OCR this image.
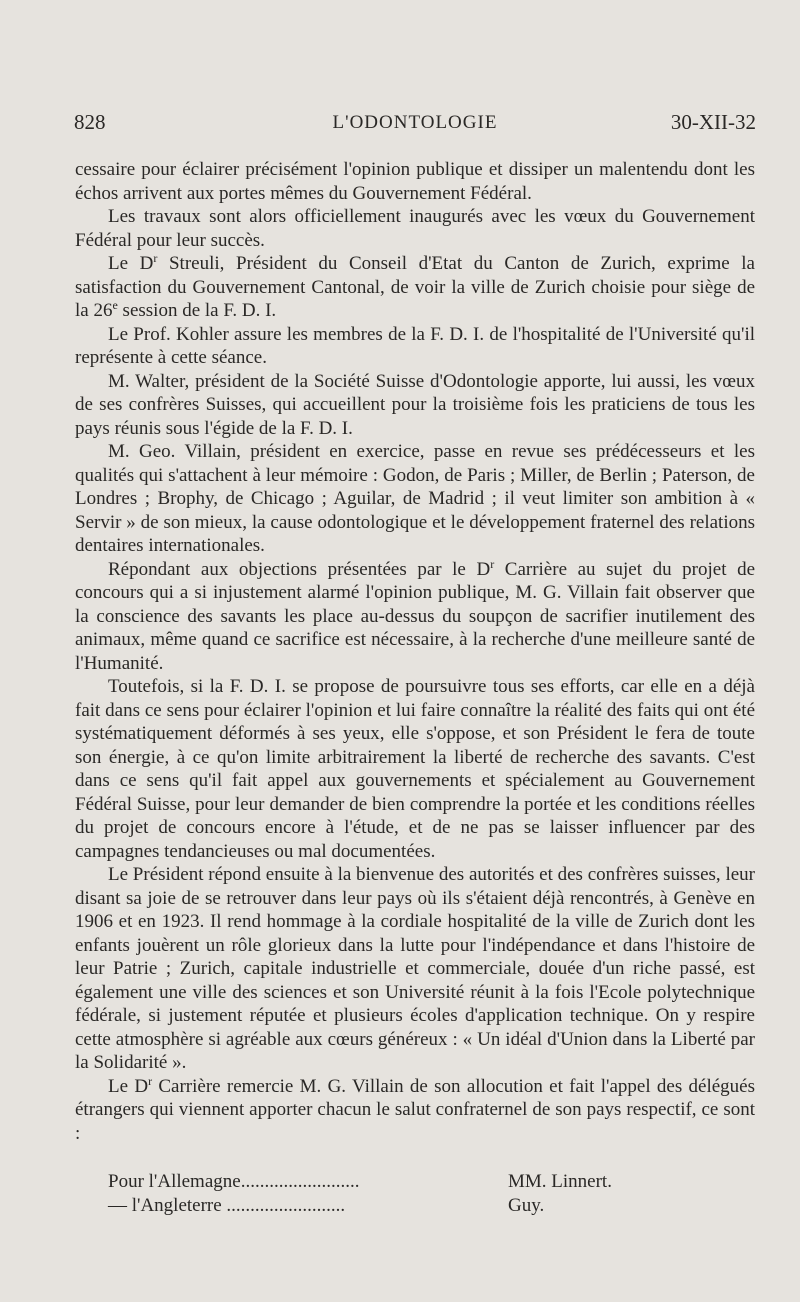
828	L'ODONTOLOGIE	30-XII-32

cessaire pour éclairer précisément l'opinion publique et dissiper un malentendu dont les échos arrivent aux portes mêmes du Gouvernement Fédéral.

Les travaux sont alors officiellement inaugurés avec les vœux du Gouvernement Fédéral pour leur succès.

Le $D^r$ Streuli, Président du Conseil d'Etat du Canton de Zurich, exprime la satisfaction du Gouvernement Cantonal, de voir la ville de Zurich choisie pour siège de la 26e session de la F. D. I.

Le Prof. Kohler assure les membres de la F. D. I. de l'hospitalité de l'Université qu'il représente à cette séance.

M. Walter, président de la Société Suisse d'Odontologie apporte, lui aussi, les vœux de ses confrères Suisses, qui accueillent pour la troisième fois les praticiens de tous les pays réunis sous l'égide de la F. D. I.

M. Geo. Villain, président en exercice, passe en revue ses prédécesseurs et les qualités qui s'attachent à leur mémoire : Godon, de Paris ; Miller, de Berlin ; Paterson, de Londres ; Brophy, de Chicago ; Aguilar, de Madrid ; il veut limiter son ambition à « Servir » de son mieux, la cause odontologique et le développement fraternel des relations dentaires internationales.

Répondant aux objections présentées par le $D^r$ Carrière au sujet du projet de concours qui a si injustement alarmé l'opinion publique, M. G. Villain fait observer que la conscience des savants les place au-dessus du soupçon de sacrifier inutilement des animaux, même quand ce sacrifice est nécessaire, à la recherche d'une meilleure santé de l'Humanité.

Toutefois, si la F. D. I. se propose de poursuivre tous ses efforts, car elle en a déjà fait dans ce sens pour éclairer l'opinion et lui faire connaître la réalité des faits qui ont été systématiquement déformés à ses yeux, elle s'oppose, et son Président le fera de toute son énergie, à ce qu'on limite arbitrairement la liberté de recherche des savants. C'est dans ce sens qu'il fait appel aux gouvernements et spécialement au Gouvernement Fédéral Suisse, pour leur demander de bien comprendre la portée et les conditions réelles du projet de concours encore à l'étude, et de ne pas se laisser influencer par des campagnes tendancieuses ou mal documentées.

Le Président répond ensuite à la bienvenue des autorités et des confrères suisses, leur disant sa joie de se retrouver dans leur pays où ils s'étaient déjà rencontrés, à Genève en 1906 et en 1923. Il rend hommage à la cordiale hospitalité de la ville de Zurich dont les enfants jouèrent un rôle glorieux dans la lutte pour l'indépendance et dans l'histoire de leur Patrie ; Zurich, capitale industrielle et commerciale, douée d'un riche passé, est également une ville des sciences et son Université réunit à la fois l'Ecole polytechnique fédérale, si justement réputée et plusieurs écoles d'application technique. On y respire cette atmosphère si agréable aux cœurs généreux : « Un idéal d'Union dans la Liberté par la Solidarité ».

Le $D^r$ Carrière remercie M. G. Villain de son allocution et fait l'appel des délégués étrangers qui viennent apporter chacun le salut confraternel de son pays respectif, ce sont :

Pour l'Allemagne.........................	MM. Linnert.
— l'Angleterre .........................	Guy.
